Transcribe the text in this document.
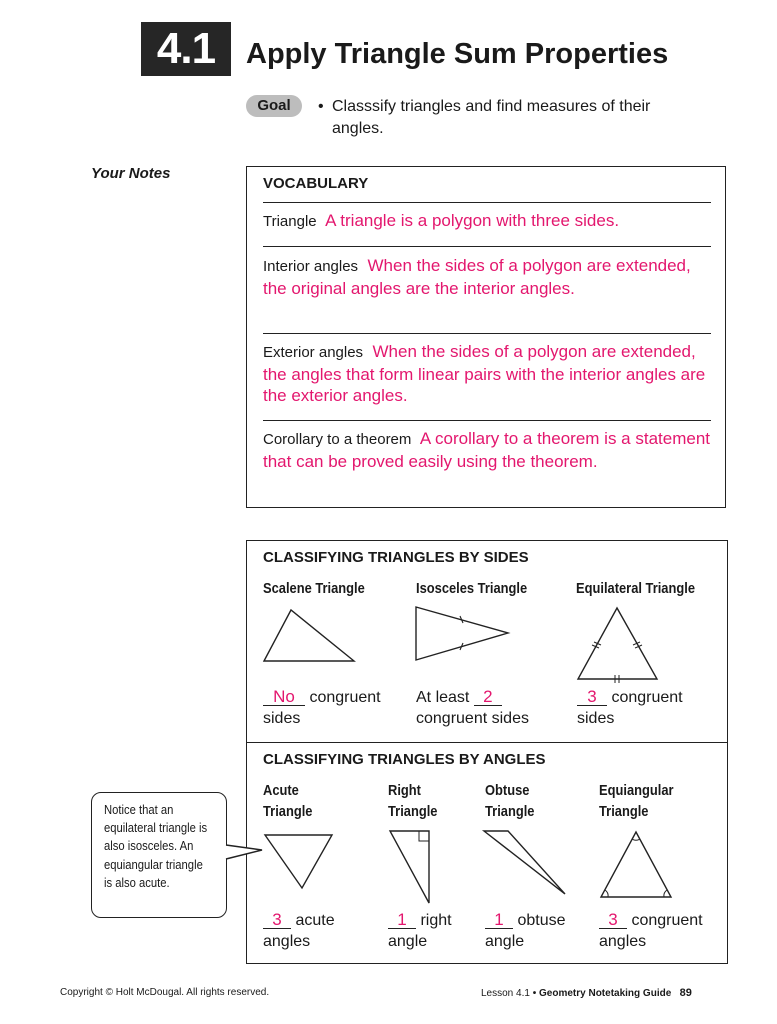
4.1	Apply Triangle Sum Properties
Goal	• Classsify triangles and find measures of their angles.
Your Notes
VOCABULARY
Triangle A triangle is a polygon with three sides.
Interior angles When the sides of a polygon are extended, the original angles are the interior angles.
Exterior angles When the sides of a polygon are extended, the angles that form linear pairs with the interior angles are the exterior angles.
Corollary to a theorem A corollary to a theorem is a statement that can be proved easily using the theorem.
CLASSIFYING TRIANGLES BY SIDES
Scalene Triangle	Isosceles Triangle	Equilateral Triangle
No congruent
sides
At least 2
congruent sides
3 congruent
sides
CLASSIFYING TRIANGLES BY ANGLES
Acute
Triangle
Right
Triangle
Obtuse
Triangle
Equiangular
Triangle
3 acute
angles
1 right
angle
1 obtuse
angle
3 congruent
angles
Notice that an equilateral triangle is also isosceles. An equiangular triangle is also acute.
Copyright © Holt McDougal. All rights reserved.	Lesson 4.1 • Geometry Notetaking Guide 89
